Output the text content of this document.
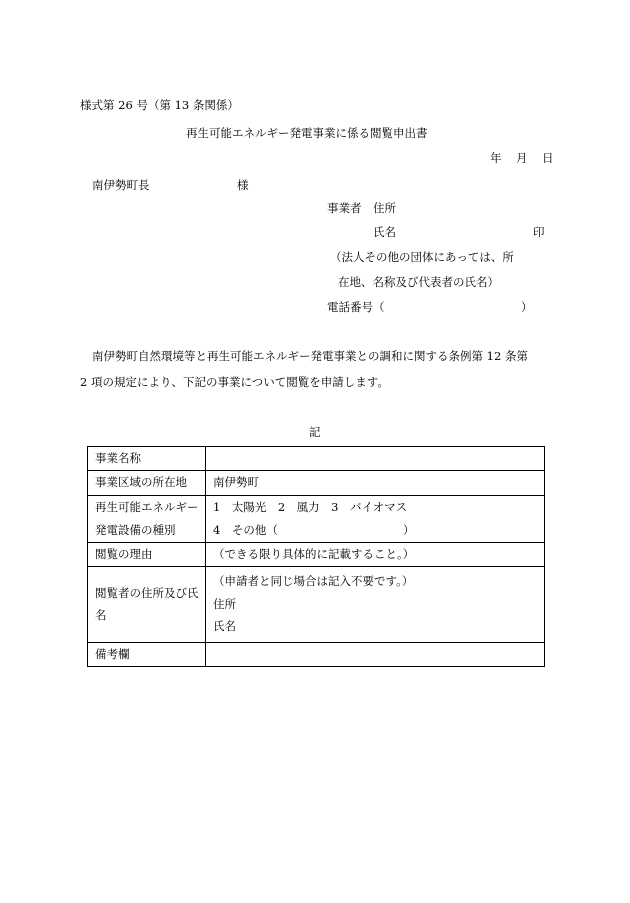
様式第 26 号（第 13 条関係）
再生可能エネルギー発電事業に係る閲覧申出書
年 月 日
南伊勢町長	様
事業者 住所
氏名	印
（法人その他の団体にあっては、所
在地、名称及び代表者の氏名）
電話番号（	）
南伊勢町自然環境等と再生可能エネルギー発電事業との調和に関する条例第 12 条第
2 項の規定により、下記の事業について閲覧を申請します。
記
事業名称	
事業区域の所在地	南伊勢町

再生可能エネルギー
発電設備の種別	1　太陽光　2　風力　3　バイオマス
4　その他（ ）

閲覧の理由	（できる限り具体的に記載すること。）

閲覧者の住所及び氏
名	（申請者と同じ場合は記入不要です。）
住所
氏名

備考欄	
